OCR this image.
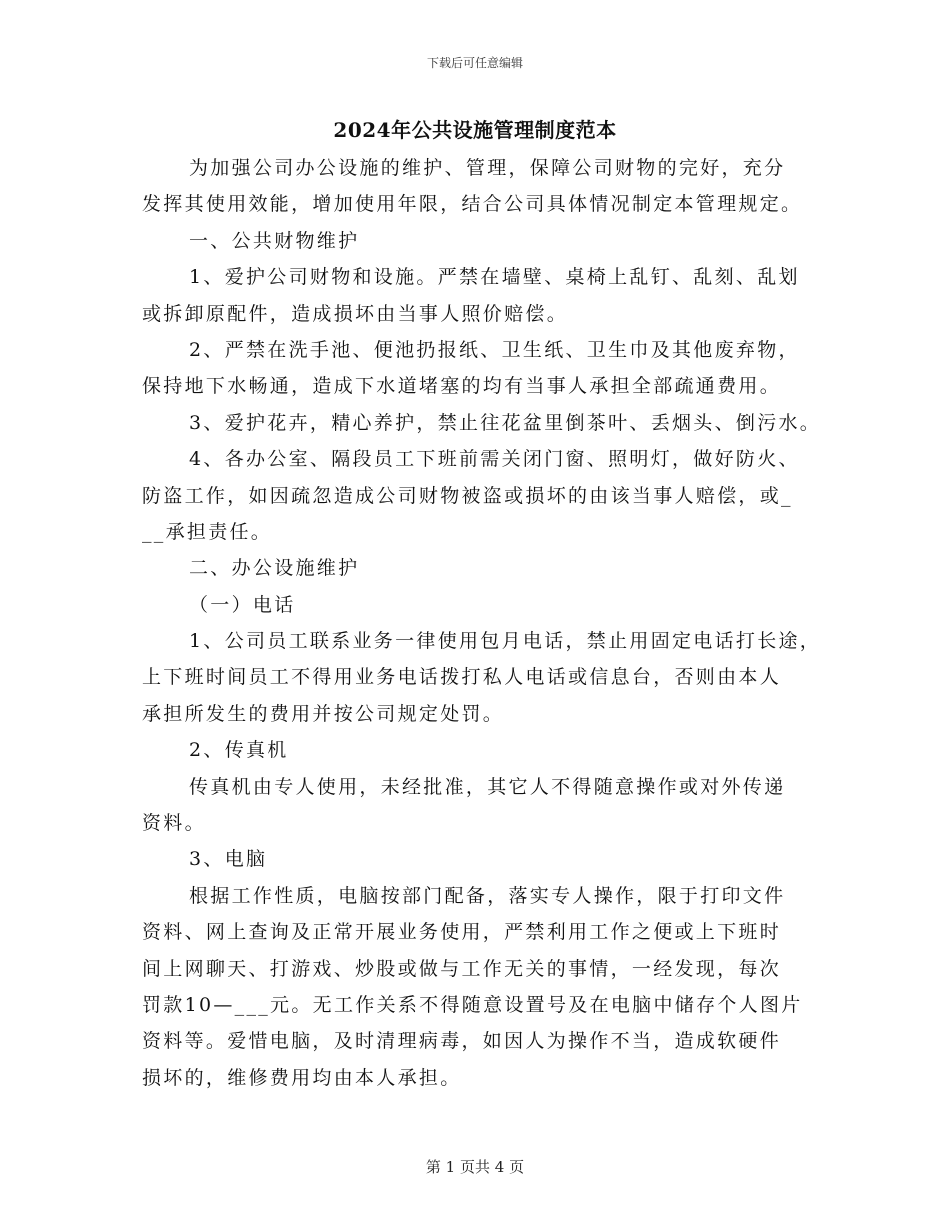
下载后可任意编辑
2024年公共设施管理制度范本
为加强公司办公设施的维护、管理，保障公司财物的完好，充分
发挥其使用效能，增加使用年限，结合公司具体情况制定本管理规定。
一、公共财物维护
1、爱护公司财物和设施。严禁在墙壁、桌椅上乱钉、乱刻、乱划
或拆卸原配件，造成损坏由当事人照价赔偿。
2、严禁在洗手池、便池扔报纸、卫生纸、卫生巾及其他废弃物，
保持地下水畅通，造成下水道堵塞的均有当事人承担全部疏通费用。
3、爱护花卉，精心养护，禁止往花盆里倒茶叶、丢烟头、倒污水。
4、各办公室、隔段员工下班前需关闭门窗、照明灯，做好防火、
防盗工作，如因疏忽造成公司财物被盗或损坏的由该当事人赔偿，或_
__承担责任。
二、办公设施维护
（一）电话
1、公司员工联系业务一律使用包月电话，禁止用固定电话打长途，
上下班时间员工不得用业务电话拨打私人电话或信息台，否则由本人
承担所发生的费用并按公司规定处罚。
2、传真机
传真机由专人使用，未经批准，其它人不得随意操作或对外传递
资料。
3、电脑
根据工作性质，电脑按部门配备，落实专人操作，限于打印文件
资料、网上查询及正常开展业务使用，严禁利用工作之便或上下班时
间上网聊天、打游戏、炒股或做与工作无关的事情，一经发现，每次
罚款10—___元。无工作关系不得随意设置号及在电脑中储存个人图片
资料等。爱惜电脑，及时清理病毒，如因人为操作不当，造成软硬件
损坏的，维修费用均由本人承担。
第 1 页共 4 页
